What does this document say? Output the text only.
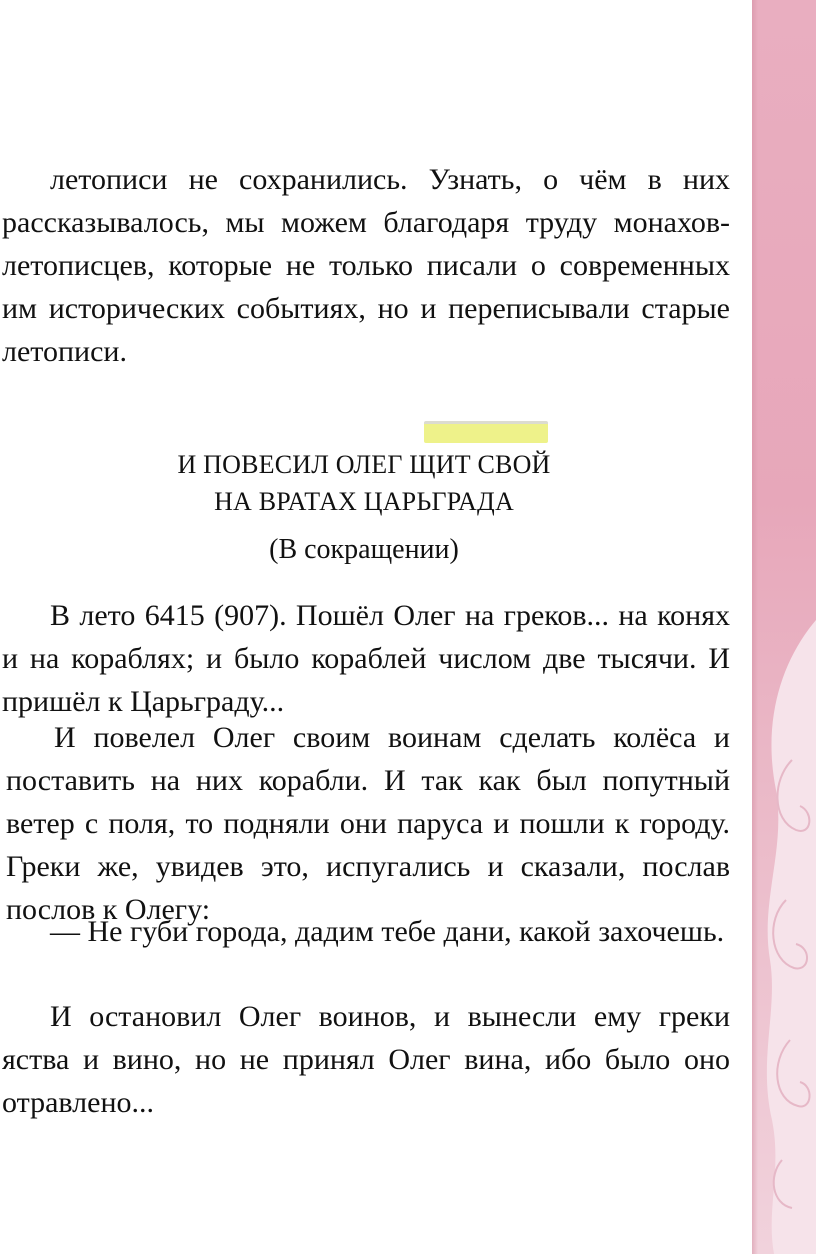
летописи не сохранились. Узнать, о чём в них рассказывалось, мы можем благодаря труду монахов-летописцев, которые не только писали о современных им исторических событиях, но и переписывали старые летописи.

И ПОВЕСИЛ ОЛЕГ ЩИТ СВОЙ
НА ВРАТАХ ЦАРЬГРАДА
(В сокращении)

В лето 6415 (907). Пошёл Олег на греков... на конях и на кораблях; и было кораблей числом две тысячи. И пришёл к Царьграду...

И повелел Олег своим воинам сделать колёса и поставить на них корабли. И так как был попутный ветер с поля, то подняли они паруса и пошли к городу. Греки же, увидев это, испугались и сказали, послав послов к Олегу:

— Не губи города, дадим тебе дани, какой захочешь.

И остановил Олег воинов, и вынесли ему греки яства и вино, но не принял Олег вина, ибо было оно отравлено...
